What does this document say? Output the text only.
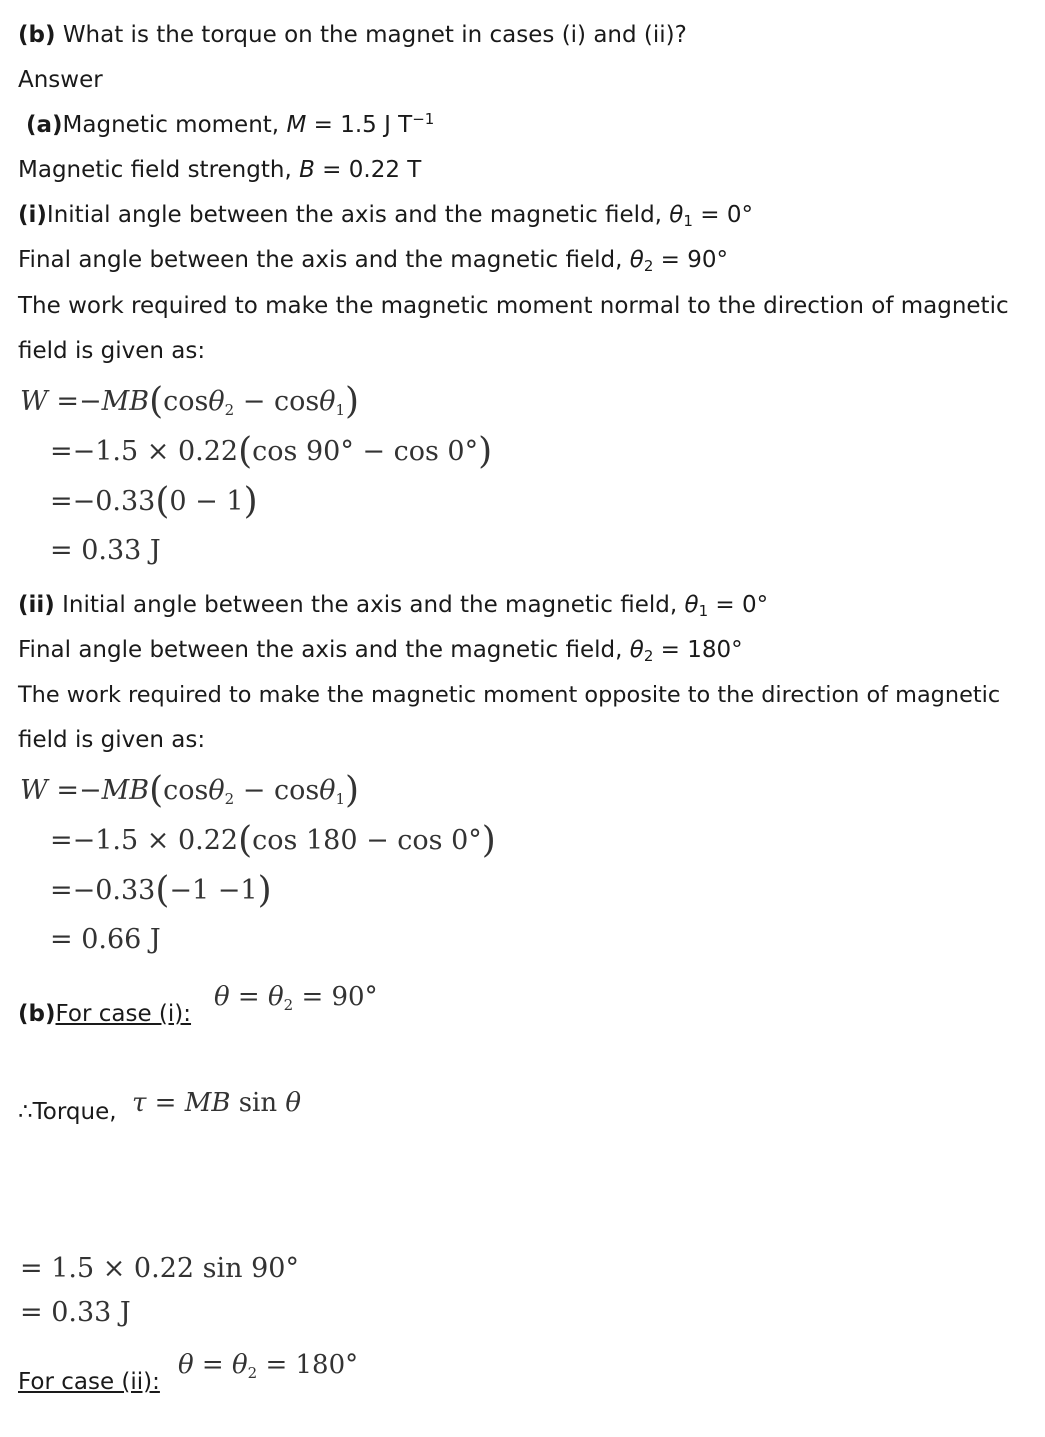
(b) What is the torque on the magnet in cases (i) and (ii)?
Answer
(a)Magnetic moment, M = 1.5 J $T^{-1}$
Magnetic field strength, B = 0.22 T
(i)Initial angle between the axis and the magnetic field, $\theta_1 = 0^\circ$
Final angle between the axis and the magnetic field, $\theta_2 = 90^\circ$
The work required to make the magnetic moment normal to the direction of magnetic
field is given as:
W =−MB(cosθ$_2$ − cosθ$_1$)
=−1.5 × 0.22(cos 90° − cos 0°)
=−0.33(0 − 1)
= 0.33 J
(ii) Initial angle between the axis and the magnetic field, $\theta_1 = 0^\circ$
Final angle between the axis and the magnetic field, $\theta_2 = 180^\circ$
The work required to make the magnetic moment opposite to the direction of magnetic
field is given as:
W =−MB(cosθ$_2$ − cosθ$_1$)
=−1.5 × 0.22(cos 180 − cos 0°)
=−0.33(−1 −1)
= 0.66 J
(b)For case (i):
$\theta = \theta_2 = 90^\circ$
∴Torque, τ = MB sin θ
= 1.5 × 0.22 sin 90°
= 0.33 J
For case (ii):
$\theta = \theta_2 = 180^\circ$
